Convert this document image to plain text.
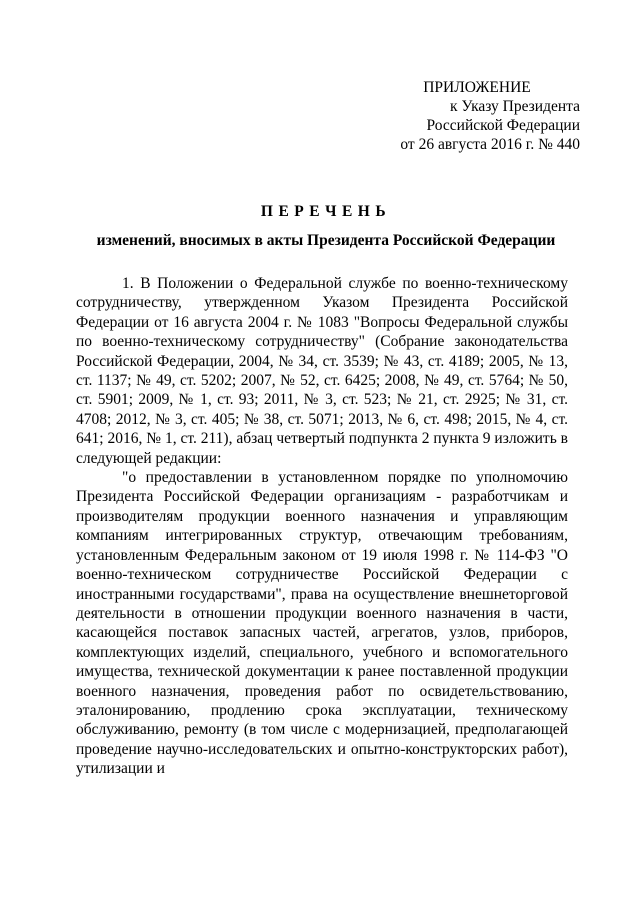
ПРИЛОЖЕНИЕ
к Указу Президента
Российской Федерации
от 26 августа 2016 г. № 440
ПЕРЕЧЕНЬ
изменений, вносимых в акты Президента Российской Федерации

1. В Положении о Федеральной службе по военно-техническому сотрудничеству, утвержденном Указом Президента Российской Федерации от 16 августа 2004 г. № 1083 "Вопросы Федеральной службы по военно-техническому сотрудничеству" (Собрание законодательства Российской Федерации, 2004, № 34, ст. 3539; № 43, ст. 4189; 2005, № 13, ст. 1137; № 49, ст. 5202; 2007, № 52, ст. 6425; 2008, № 49, ст. 5764; № 50, ст. 5901; 2009, № 1, ст. 93; 2011, № 3, ст. 523; № 21, ст. 2925; № 31, ст. 4708; 2012, № 3, ст. 405; № 38, ст. 5071; 2013, № 6, ст. 498; 2015, № 4, ст. 641; 2016, № 1, ст. 211), абзац четвертый подпункта 2 пункта 9 изложить в следующей редакции:

"о предоставлении в установленном порядке по уполномочию Президента Российской Федерации организациям - разработчикам и производителям продукции военного назначения и управляющим компаниям интегрированных структур, отвечающим требованиям, установленным Федеральным законом от 19 июля 1998 г. № 114-ФЗ "О военно-техническом сотрудничестве Российской Федерации с иностранными государствами", права на осуществление внешнеторговой деятельности в отношении продукции военного назначения в части, касающейся поставок запасных частей, агрегатов, узлов, приборов, комплектующих изделий, специального, учебного и вспомогательного имущества, технической документации к ранее поставленной продукции военного назначения, проведения работ по освидетельствованию, эталонированию, продлению срока эксплуатации, техническому обслуживанию, ремонту (в том числе с модернизацией, предполагающей проведение научно-исследовательских и опытно-конструкторских работ), утилизации и
